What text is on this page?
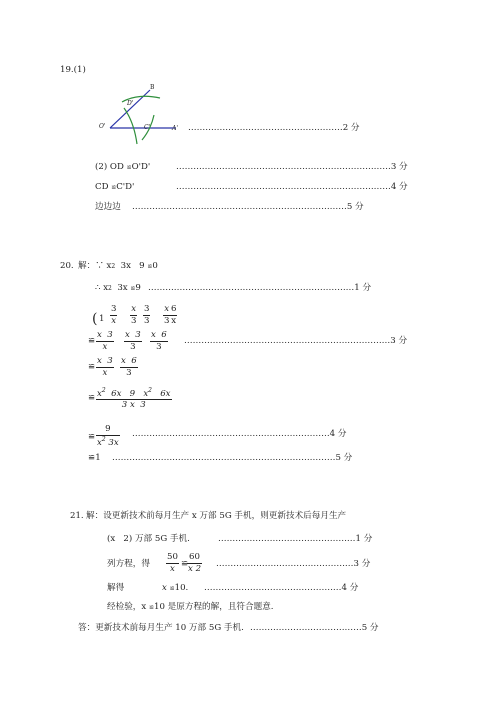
19.(1)
B
D'
O'	C'	A' ………………………………………………2 分
(2) OD ≌O'D'	…………………………………………………………………3 分
CD ≌C'D'	…………………………………………………………………4 分
边边边 …………………………………………………………………5 分
20. 解：∵ x2  3x   9 ≌0
∴ x2  3x ≌9 ………………………………………………………………1 分
( 1
3
x
x
3
3
3
x
3
6
x
≌
x  3
x
x  3
3
x  6
3
………………………………………………………………3 分
≌
x  3
x
x  6
3
≌ $x^2$  6x   9   $x^2$   6x
3 x  3
≌
9
$x^2$ 3x
……………………………………………………………4 分
≌1 ……………………………………………………………………5 分
21. 解：设更新技术前每月生产 x 万部 5G 手机，则更新技术后每月生产
(x   2) 万部 5G 手机.	…………………………………………1 分
列方程，得
50
x ≌
60
x 2 …………………………………………3 分
解得	x ≌10. …………………………………………4 分
经检验，x ≌10 是原方程的解，且符合题意.
答：更新技术前每月生产 10 万部 5G 手机. …………………………………5 分
